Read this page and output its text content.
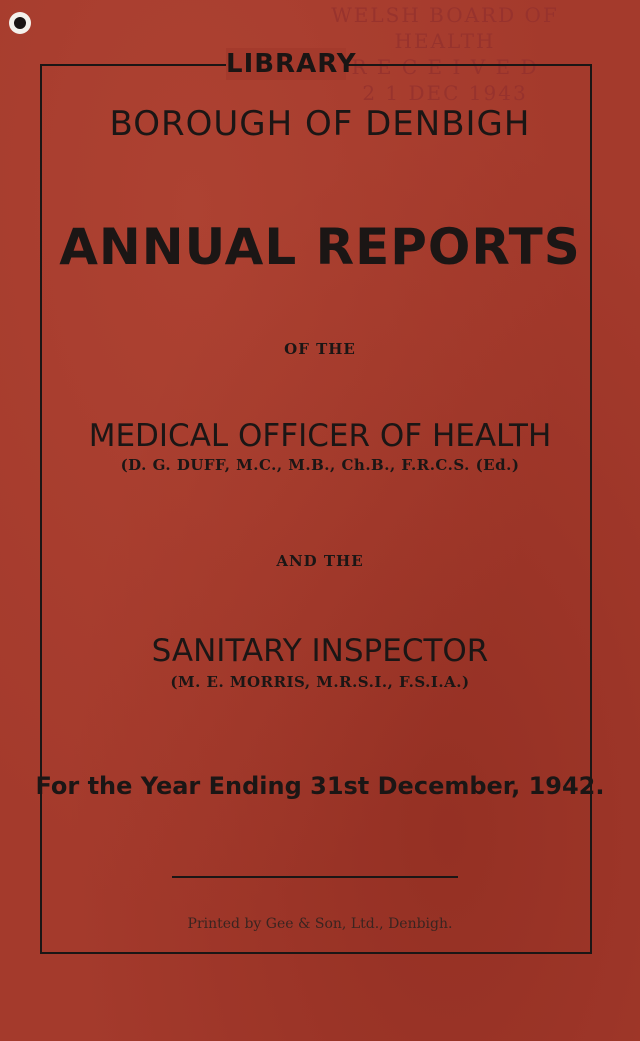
WELSH BOARD OF HEALTH
R E C E I V E D
2 1 DEC 1943
LIBRARY
BOROUGH OF DENBIGH
ANNUAL REPORTS
OF THE
MEDICAL OFFICER OF HEALTH
(D. G. DUFF, M.C., M.B., Ch.B., F.R.C.S. (Ed.)
AND THE
SANITARY INSPECTOR
(M. E. MORRIS, M.R.S.I., F.S.I.A.)
For the Year Ending 31st December, 1942.
Printed by Gee & Son, Ltd., Denbigh.
